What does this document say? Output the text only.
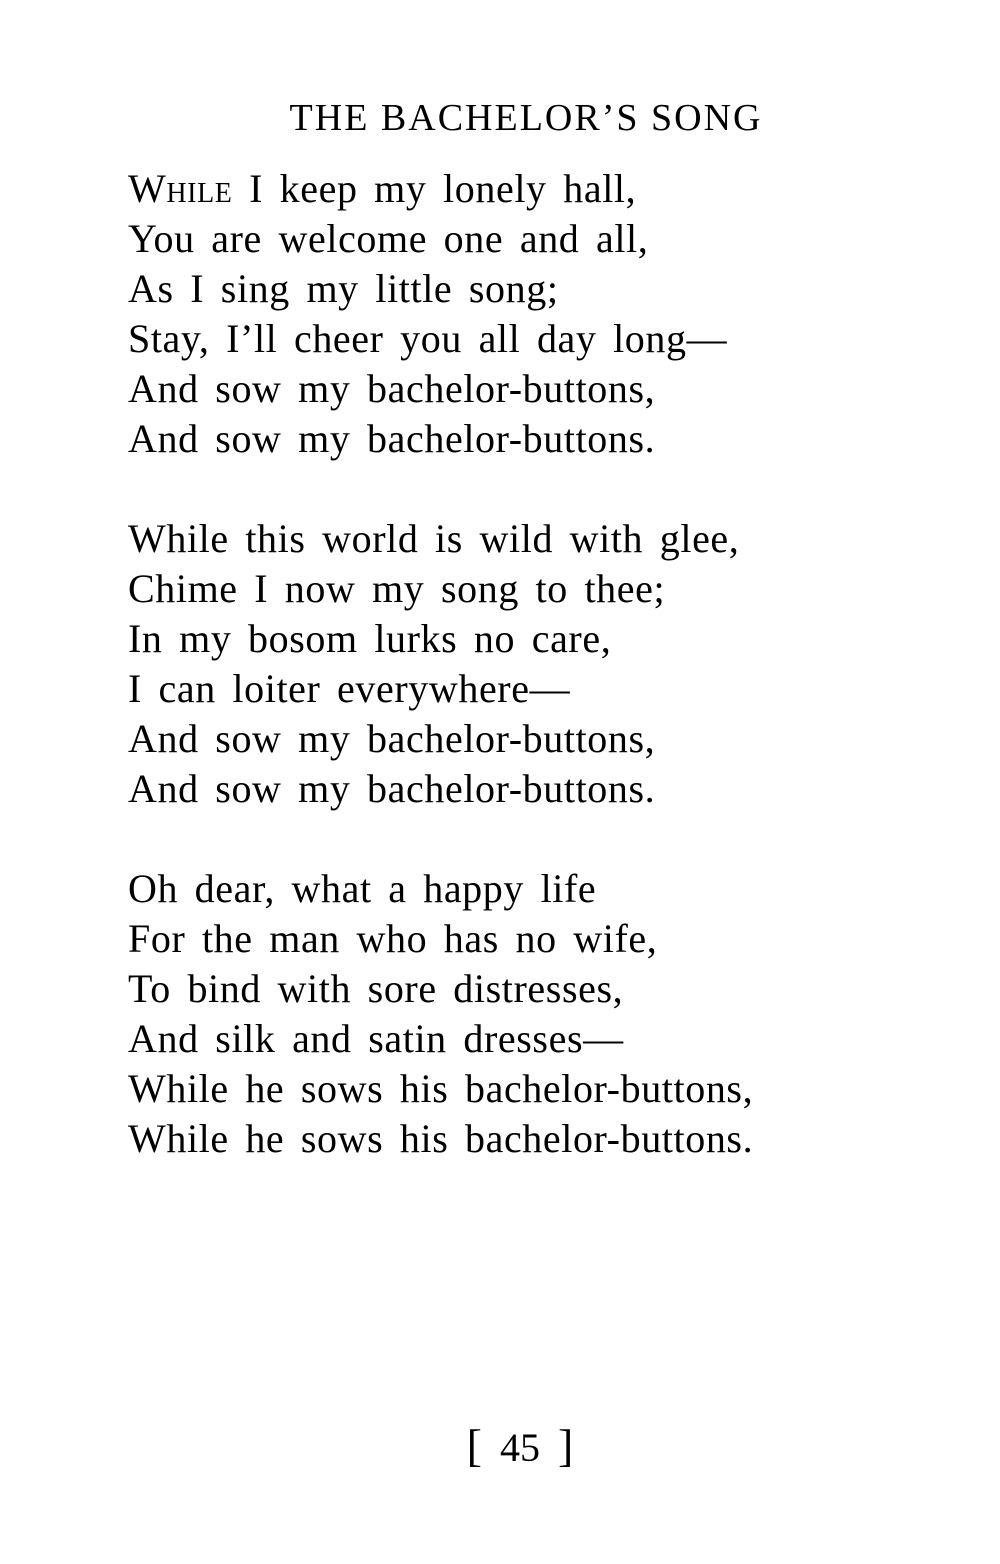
THE BACHELOR’S SONG
While I keep my lonely hall,
You are welcome one and all,
As I sing my little song;
Stay, I’ll cheer you all day long—
And sow my bachelor-buttons,
And sow my bachelor-buttons.
While this world is wild with glee,
Chime I now my song to thee;
In my bosom lurks no care,
I can loiter everywhere—
And sow my bachelor-buttons,
And sow my bachelor-buttons.
Oh dear, what a happy life
For the man who has no wife,
To bind with sore distresses,
And silk and satin dresses—
While he sows his bachelor-buttons,
While he sows his bachelor-buttons.
[ 45 ]
